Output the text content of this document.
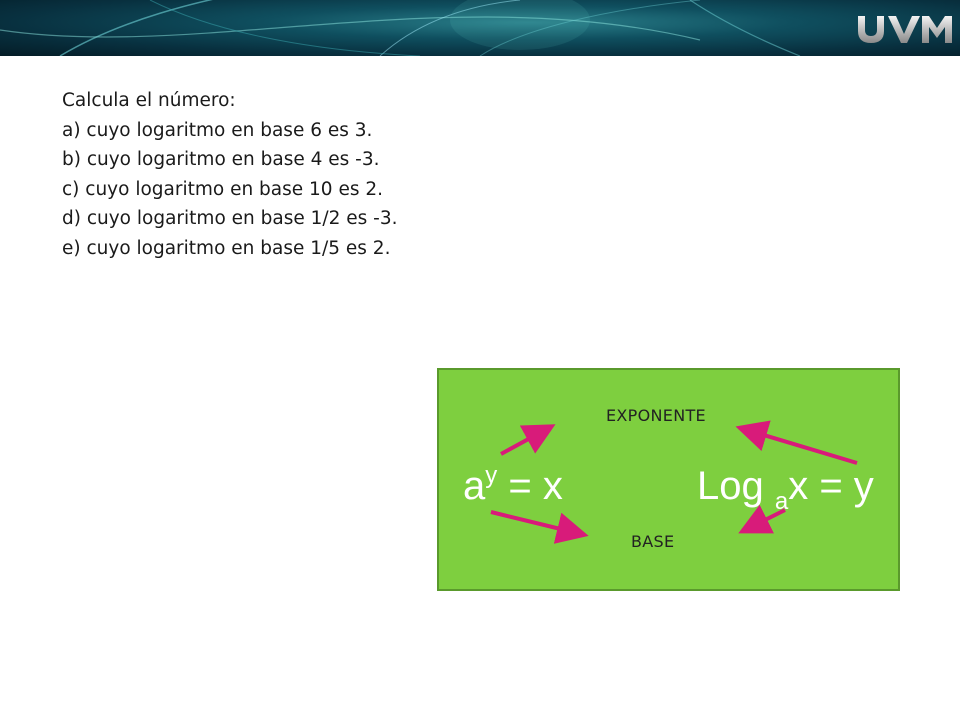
Calcula el número:
a) cuyo logaritmo en base 6 es 3.
b) cuyo logaritmo en base 4 es -3.
c) cuyo logaritmo en base 10 es 2.
d) cuyo logaritmo en base 1/2 es -3.
e) cuyo logaritmo en base 1/5 es 2.
EXPONENTE
BASE
$a^y = x$	Log $_a$x = y
